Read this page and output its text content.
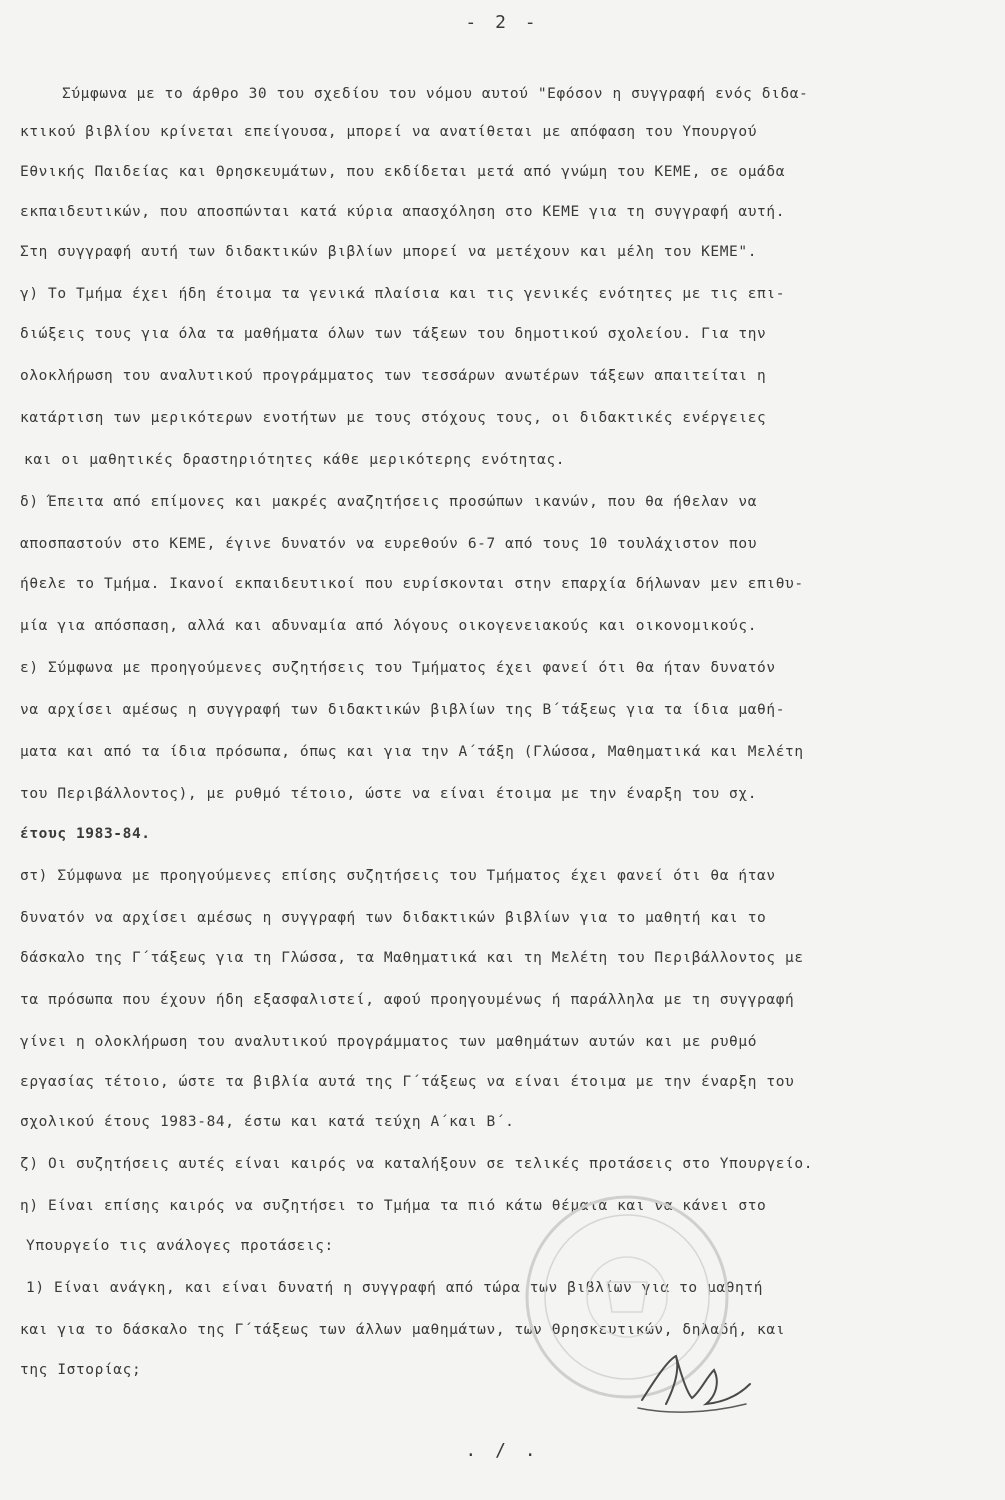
- 2 -
Σύμφωνα με το άρθρο 30 του σχεδίου του νόμου αυτού "Εφόσον η συγγραφή ενός διδα-
κτικού βιβλίου κρίνεται επείγουσα, μπορεί να ανατίθεται με απόφαση του Υπουργού
Εθνικής Παιδείας και Θρησκευμάτων, που εκδίδεται μετά από γνώμη του ΚΕΜΕ, σε ομάδα
εκπαιδευτικών, που αποσπώνται κατά κύρια απασχόληση στο ΚΕΜΕ για τη συγγραφή αυτή.
Στη συγγραφή αυτή των διδακτικών βιβλίων μπορεί να μετέχουν και μέλη του ΚΕΜΕ".
γ) Το Τμήμα έχει ήδη έτοιμα τα γενικά πλαίσια και τις γενικές ενότητες με τις επι-
διώξεις τους για όλα τα μαθήματα όλων των τάξεων του δημοτικού σχολείου. Για την
ολοκλήρωση του αναλυτικού προγράμματος των τεσσάρων ανωτέρων τάξεων απαιτείται η
κατάρτιση των μερικότερων ενοτήτων με τους στόχους τους, οι διδακτικές ενέργειες
και οι μαθητικές δραστηριότητες κάθε μερικότερης ενότητας.
δ) Έπειτα από επίμονες και μακρές αναζητήσεις προσώπων ικανών, που θα ήθελαν να
αποσπαστούν στο ΚΕΜΕ, έγινε δυνατόν να ευρεθούν 6-7 από τους 10 τουλάχιστον που
ήθελε το Τμήμα. Ικανοί εκπαιδευτικοί που ευρίσκονται στην επαρχία δήλωναν μεν επιθυ-
μία για απόσπαση, αλλά και αδυναμία από λόγους οικογενειακούς και οικονομικούς.
ε) Σύμφωνα με προηγούμενες συζητήσεις του Τμήματος έχει φανεί ότι θα ήταν δυνατόν
να αρχίσει αμέσως η συγγραφή των διδακτικών βιβλίων της Β΄τάξεως για τα ίδια μαθή-
ματα και από τα ίδια πρόσωπα, όπως και για την Α΄τάξη (Γλώσσα, Μαθηματικά και Μελέτη
του Περιβάλλοντος), με ρυθμό τέτοιο, ώστε να είναι έτοιμα με την έναρξη του σχ.
έτους 1983-84.
στ) Σύμφωνα με προηγούμενες επίσης συζητήσεις του Τμήματος έχει φανεί ότι θα ήταν
δυνατόν να αρχίσει αμέσως η συγγραφή των διδακτικών βιβλίων για το μαθητή και το
δάσκαλο της Γ΄τάξεως για τη Γλώσσα, τα Μαθηματικά και τη Μελέτη του Περιβάλλοντος με
τα πρόσωπα που έχουν ήδη εξασφαλιστεί, αφού προηγουμένως ή παράλληλα με τη συγγραφή
γίνει η ολοκλήρωση του αναλυτικού προγράμματος των μαθημάτων αυτών και με ρυθμό
εργασίας τέτοιο, ώστε τα βιβλία αυτά της Γ΄τάξεως να είναι έτοιμα με την έναρξη του
σχολικού έτους 1983-84, έστω και κατά τεύχη Α΄και Β΄.
ζ) Οι συζητήσεις αυτές είναι καιρός να καταλήξουν σε τελικές προτάσεις στο Υπουργείο.
η) Είναι επίσης καιρός να συζητήσει το Τμήμα τα πιό κάτω θέματα και να κάνει στο
Υπουργείο τις ανάλογες προτάσεις:
1) Είναι ανάγκη, και είναι δυνατή η συγγραφή από τώρα των βιβλίων για το μαθητή
και για το δάσκαλο της Γ΄τάξεως των άλλων μαθημάτων, των Θρησκευτικών, δηλαδή, και
της Ιστορίας;
. / .
